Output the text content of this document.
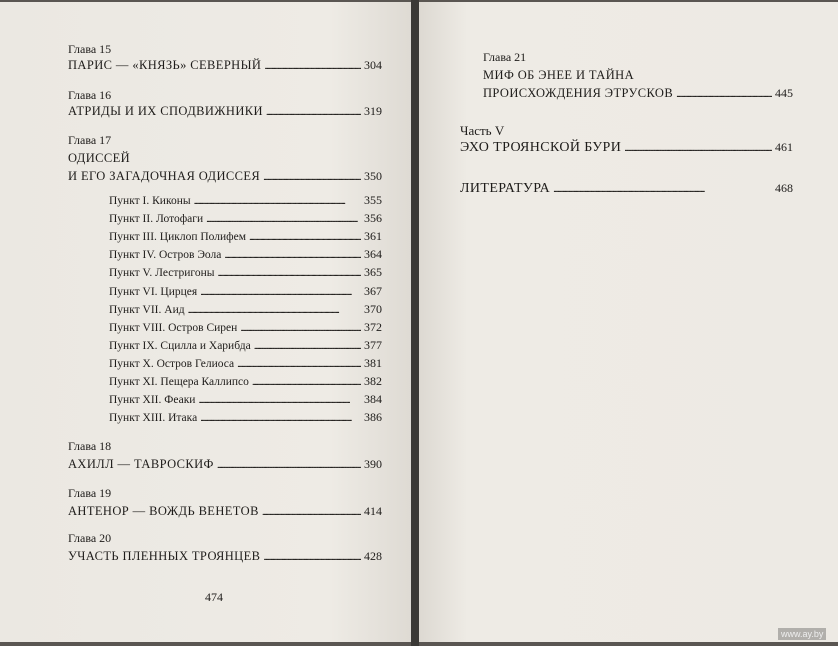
Глава 15
ПАРИС — «КНЯЗЬ» СЕВЕРНЫЙ . . .	304
Глава 16
АТРИДЫ И ИХ СПОДВИЖНИКИ . . .	319
Глава 17
ОДИССЕЙ
И ЕГО ЗАГАДОЧНАЯ ОДИССЕЯ . . .	350
Пункт I. Киконы . . .	355
Пункт II. Лотофаги . . .	356
Пункт III. Циклоп Полифем . . .	361
Пункт IV. Остров Эола . . .	364
Пункт V. Лестригоны . . .	365
Пункт VI. Цирцея . . .	367
Пункт VII. Аид . . .	370
Пункт VIII. Остров Сирен . . .	372
Пункт IX. Сцилла и Харибда . . .	377
Пункт X. Остров Гелиоса . . .	381
Пункт XI. Пещера Каллипсо . . .	382
Пункт XII. Феаки . . .	384
Пункт XIII. Итака . . .	386
Глава 18
АХИЛЛ — ТАВРОСКИФ . . .	390
Глава 19
АНТЕНОР — ВОЖДЬ ВЕНЕТОВ . . .	414
Глава 20
УЧАСТЬ ПЛЕННЫХ ТРОЯНЦЕВ . . .	428
474
Глава 21
МИФ ОБ ЭНЕЕ И ТАЙНА
ПРОИСХОЖДЕНИЯ ЭТРУСКОВ . . .	445
Часть V
ЭХО ТРОЯНСКОЙ БУРИ . . .	461
ЛИТЕРАТУРА . . .	468
www.ay.by
